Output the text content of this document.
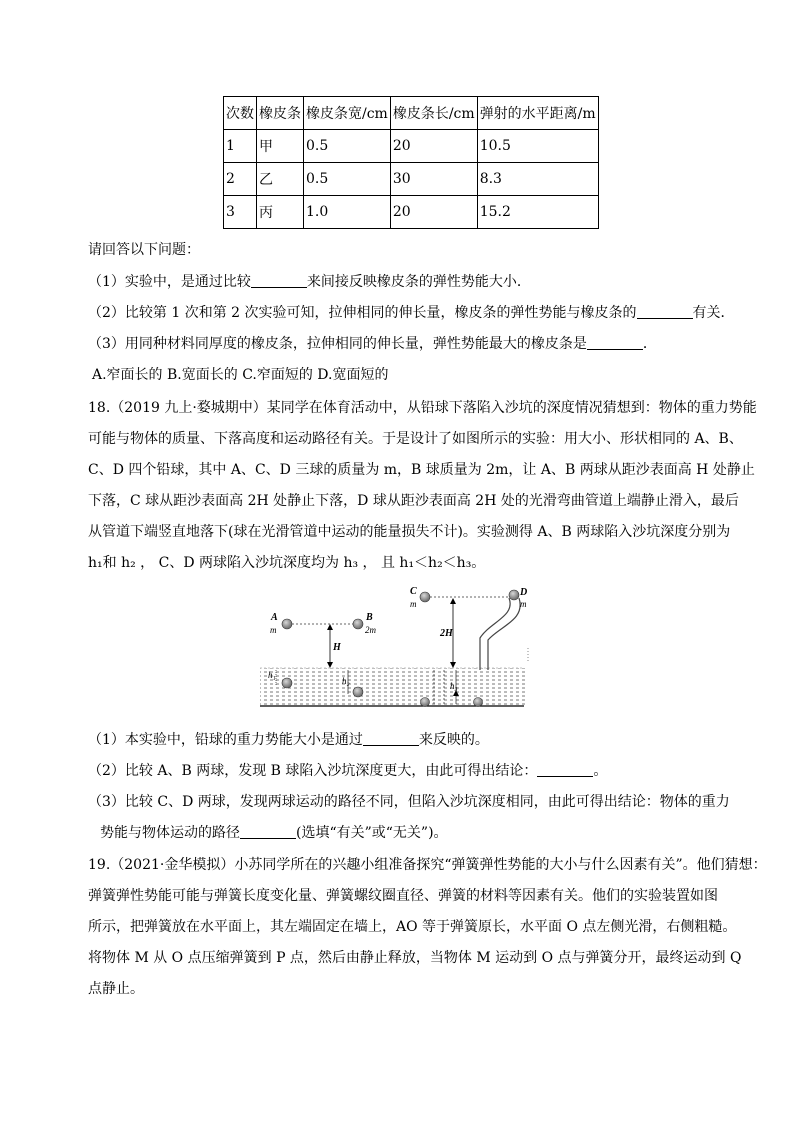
次数	橡皮条	橡皮条宽/cm	橡皮条长/cm	弹射的水平距离/m
1	甲	0.5	20	10.5
2	乙	0.5	30	8.3
3	丙	1.0	20	15.2
请回答以下问题：
（1）实验中，是通过比较	来间接反映橡皮条的弹性势能大小．
（2）比较第 1 次和第 2 次实验可知，拉伸相同的伸长量，橡皮条的弹性势能与橡皮条的	有关．
（3）用同种材料同厚度的橡皮条，拉伸相同的伸长量，弹性势能最大的橡皮条是	．
A.窄面长的 B.宽面长的 C.窄面短的 D.宽面短的
18.（2019 九上·婺城期中）某同学在体育活动中，从铅球下落陷入沙坑的深度情况猜想到：物体的重力势能
可能与物体的质量、下落高度和运动路径有关。于是设计了如图所示的实验：用大小、形状相同的 A、B、
C、D 四个铅球，其中 A、C、D 三球的质量为 m，B 球质量为 2m，让 A、B 两球从距沙表面高 H 处静止
下落，C 球从距沙表面高 2H 处静止下落，D 球从距沙表面高 2H 处的光滑弯曲管道上端静止滑入，最后
从管道下端竖直地落下(球在光滑管道中运动的能量损失不计)。实验测得 A、B 两球陷入沙坑深度分别为
h₁和 h₂ ， C、D 两球陷入沙坑深度均为 h₃ ， 且 h₁＜h₂＜h₃。
A
m
B
2m
H
C
m
D
m
2H
h₁
h₂	h₃
（1）本实验中，铅球的重力势能大小是通过	来反映的。
（2）比较 A、B 两球，发现 B 球陷入沙坑深度更大，由此可得出结论：	。
（3）比较 C、D 两球，发现两球运动的路径不同，但陷入沙坑深度相同，由此可得出结论：物体的重力
势能与物体运动的路径	(选填“有关”或“无关”)。
19.（2021·金华模拟）小苏同学所在的兴趣小组准备探究“弹簧弹性势能的大小与什么因素有关”。他们猜想：
弹簧弹性势能可能与弹簧长度变化量、弹簧螺纹圈直径、弹簧的材料等因素有关。他们的实验装置如图
所示，把弹簧放在水平面上，其左端固定在墙上，AO 等于弹簧原长，水平面 O 点左侧光滑，右侧粗糙。
将物体 M 从 O 点压缩弹簧到 P 点，然后由静止释放，当物体 M 运动到 O 点与弹簧分开，最终运动到 Q
点静止。
